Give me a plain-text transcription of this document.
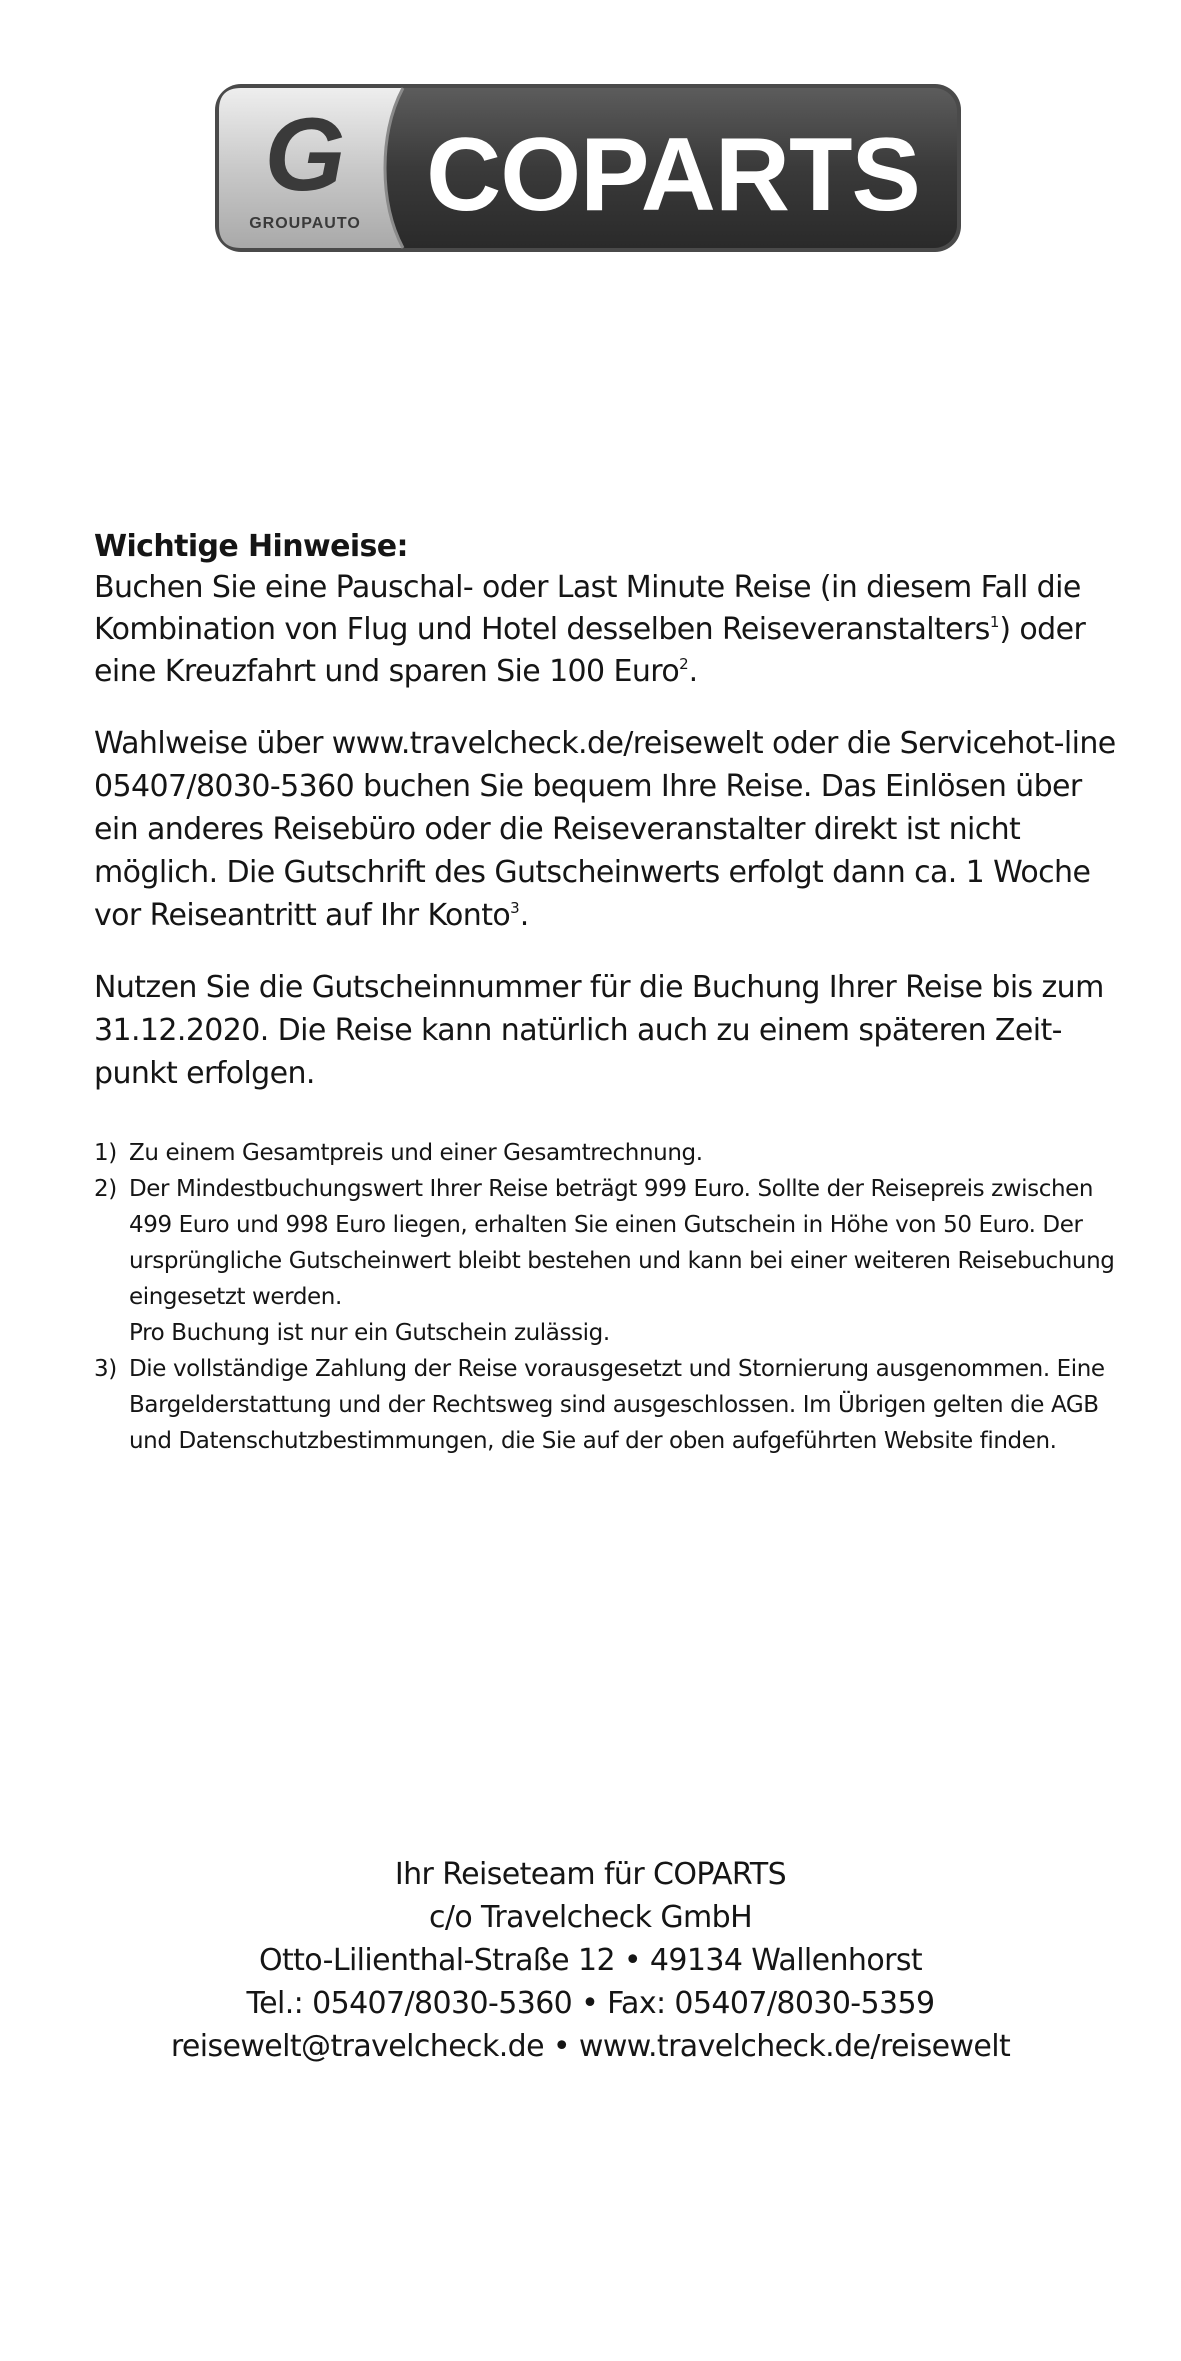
G
GROUPAUTO COPARTS

Wichtige Hinweise:

Buchen Sie eine Pauschal- oder Last Minute Reise (in diesem Fall die Kombination von Flug und Hotel desselben Reiseveranstalters$^1$) oder eine Kreuzfahrt und sparen Sie 100 Euro$^2$.

Wahlweise über www.travelcheck.de/reisewelt oder die Servicehot-line 05407/8030-5360 buchen Sie bequem Ihre Reise. Das Einlösen über ein anderes Reisebüro oder die Reiseveranstalter direkt ist nicht möglich. Die Gutschrift des Gutscheinwerts erfolgt dann ca. 1 Woche vor Reiseantritt auf Ihr Konto$^3$.

Nutzen Sie die Gutscheinnummer für die Buchung Ihrer Reise bis zum 31.12.2020. Die Reise kann natürlich auch zu einem späteren Zeit-punkt erfolgen.

1) Zu einem Gesamtpreis und einer Gesamtrechnung.
2) Der Mindestbuchungswert Ihrer Reise beträgt 999 Euro. Sollte der Reisepreis zwischen 499 Euro und 998 Euro liegen, erhalten Sie einen Gutschein in Höhe von 50 Euro. Der ursprüngliche Gutscheinwert bleibt bestehen und kann bei einer weiteren Reisebuchung eingesetzt werden.
Pro Buchung ist nur ein Gutschein zulässig.
3) Die vollständige Zahlung der Reise vorausgesetzt und Stornierung ausgenommen. Eine Bargelderstattung und der Rechtsweg sind ausgeschlossen. Im Übrigen gelten die AGB und Datenschutzbestimmungen, die Sie auf der oben aufgeführten Website finden.
Ihr Reiseteam für COPARTS
c/o Travelcheck GmbH
Otto-Lilienthal-Straße 12 • 49134 Wallenhorst
Tel.: 05407/8030-5360 • Fax: 05407/8030-5359
reisewelt@travelcheck.de • www.travelcheck.de/reisewelt
